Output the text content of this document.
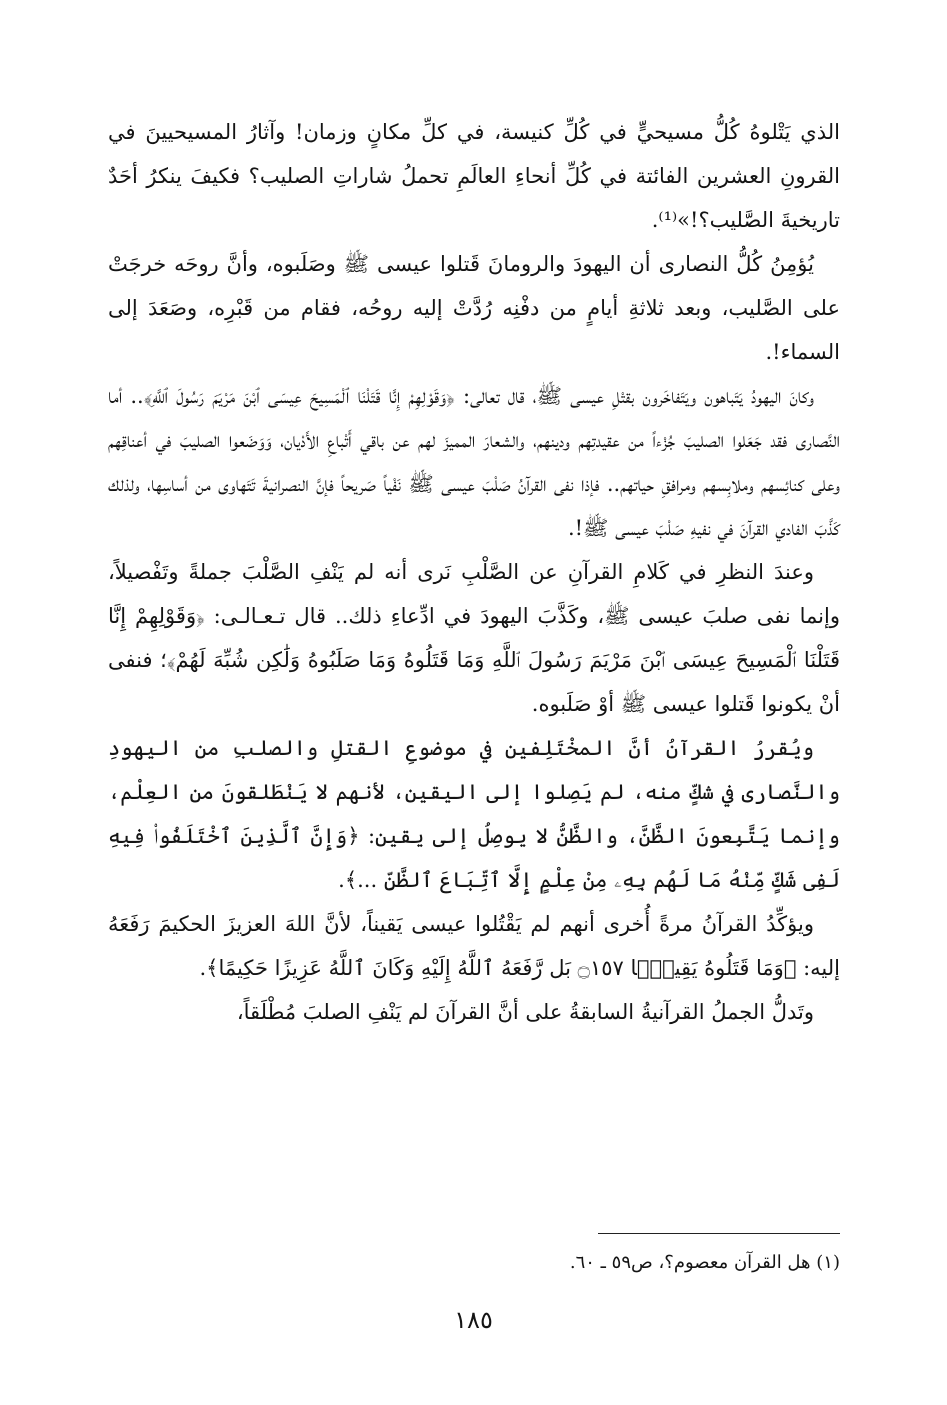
الذي يَتْلوهُ كُلُّ مسيحيٍّ في كُلِّ كنيسة، في كلِّ مكانٍ وزمان! وآثارُ المسيحيينَ في القرونِ العشرين الفائتة في كُلِّ أنحاءِ العالَمِ تحملُ شاراتِ الصليب؟ فكيفَ ينكرُ أحَدٌ تاريخيةَ الصَّليب؟!»⁽¹⁾.

يُؤمِنُ كُلُّ النصارى أن اليهودَ والرومانَ قَتلوا عيسى ﷺ وصَلَبوه، وأنَّ روحَه خرجَتْ على الصَّليب، وبعد ثلاثةِ أيامٍ من دفْنِه رُدَّتْ إليه روحُه، فقام من قَبْرِه، وصَعَدَ إلى السماء!.

وكانَ اليهودُ يَتَباهون ويَتَفاخَرون بقتْلِ عيسى ﷺ، قال تعالى: ﴿وَقَوْلِهِمْ إِنَّا قَتَلْنَا ٱلْمَسِيحَ عِيسَى ٱبْنَ مَرْيَمَ رَسُولَ ٱللَّهِ﴾.. أما النَّصارى فقد جَعَلوا الصليبَ جُزْءاً من عقيدتِهم ودينهم، والشعارَ المميزَ لهم عن باقي أَتْباعِ الأَدْيان، وَوَضَعوا الصليبَ في أعناقِهم وعلى كنائِسهم وملابِسهم ومرافقِ حياتهم.. فإذا نفى القرآنُ صَلْبَ عيسى ﷺ نَفْياً صَريحاً فإنَّ النصرانيةَ تَتَهاوى من أساسِها، ولذلك كَذَّبَ الفادي القرآنَ في نفيهِ صَلْبَ عيسى ﷺ!.

وعندَ النظرِ في كَلامِ القرآنِ عن الصَّلْبِ نَرى أنه لم يَنْفِ الصَّلْبَ جملةً وتَفْصيلاً، وإنما نفى صلبَ عيسى ﷺ، وكَذَّبَ اليهودَ في ادِّعاءِ ذلك.. قال تـعـالـى: ﴿وَقَوْلِهِمْ إِنَّا قَتَلْنَا ٱلْمَسِيحَ عِيسَى ٱبْنَ مَرْيَمَ رَسُولَ ٱللَّهِ وَمَا قَتَلُوهُ وَمَا صَلَبُوهُ وَلَٰكِن شُبِّهَ لَهُمْ﴾؛ فنفى أنْ يكونوا قَتلوا عيسى ﷺ أوْ صَلَبوه.

ويُقررُ القرآنُ أنَّ المخْتَلِفين في موضوعِ القتلِ والصلبِ من اليهودِ والنَّصارى في شكٍّ منه، لم يَصِلوا إلى اليقين، لأنهم لا يَنْطَلقونَ من العِلْم، وإنما يَتَّبِعونَ الظَّنَّ، والظَّنُّ لا يوصِلُ إلى يقين: ﴿وَإِنَّ ٱلَّذِينَ ٱخْتَلَفُوا۟ فِيهِ لَفِى شَكٍّ مِّنْهُ مَا لَهُم بِهِۦ مِنْ عِلْمٍ إِلَّا ٱتِّبَاعَ ٱلظَّنِّ ...﴾.

ويؤكِّدُ القرآنُ مرةً أُخرى أنهم لم يَقْتُلوا عيسى يَقيناً، لأنَّ اللهَ العزيزَ الحكيمَ رَفَعَهُ إليه: ﴿وَمَا قَتَلُوهُ يَقِينًۢا ۝١٥٧ بَل رَّفَعَهُ ٱللَّهُ إِلَيْهِ وَكَانَ ٱللَّهُ عَزِيزًا حَكِيمًا﴾.

وتَدلُّ الجملُ القرآنيةُ السابقةُ على أنَّ القرآنَ لم يَنْفِ الصلبَ مُطْلَقاً،

(١) هل القرآن معصوم؟، ص٥٩ ـ ٦٠.
١٨٥
